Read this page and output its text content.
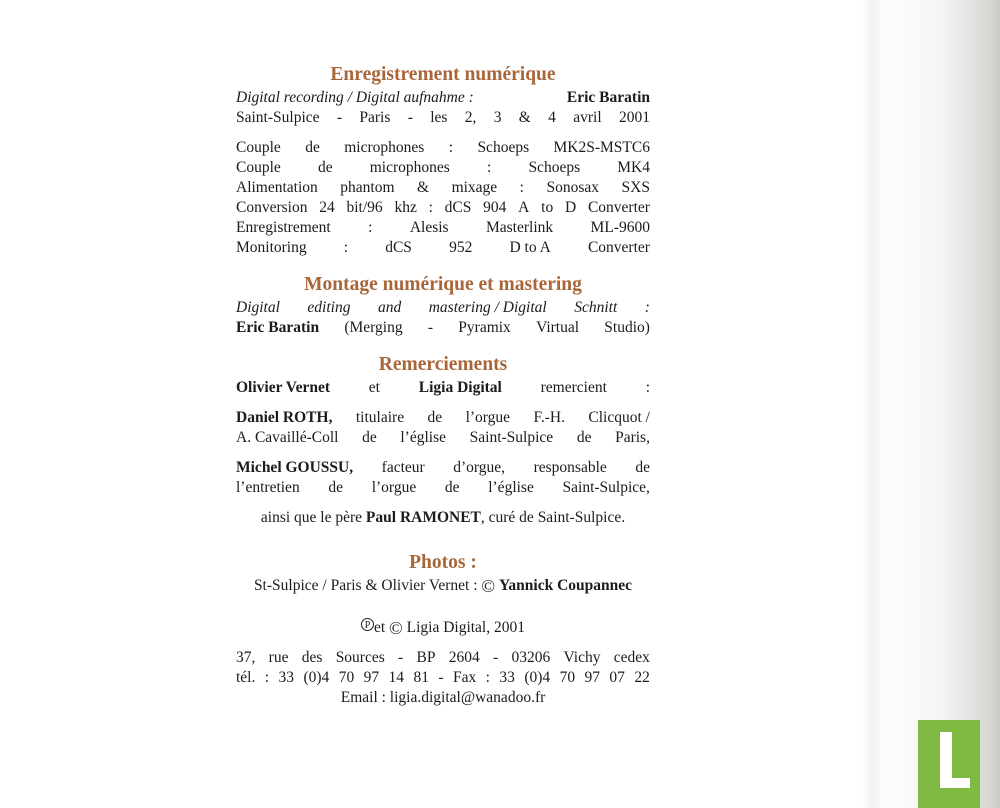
Enregistrement numérique
Digital recording / Digital aufnahme :	Eric Baratin
Saint-Sulpice - Paris - les 2, 3 & 4 avril 2001
Couple de microphones : Schoeps MK2S-MSTC6
Couple de microphones : Schoeps MK4
Alimentation phantom & mixage : Sonosax SXS
Conversion 24 bit/96 khz : dCS 904 A to D Converter
Enregistrement : Alesis Masterlink ML-9600
Monitoring : dCS 952 D to A Converter
Montage numérique et mastering
Digital editing and mastering / Digital Schnitt :
Eric Baratin (Merging - Pyramix Virtual Studio)
Remerciements
Olivier Vernet	et	Ligia Digital	remercient	:
Daniel ROTH, titulaire de l’orgue F.-H. Clicquot /
A. Cavaillé-Coll de l’église Saint-Sulpice de Paris,
Michel GOUSSU, facteur d’orgue, responsable de
l’entretien de l’orgue de l’église Saint-Sulpice,
ainsi que le père
Paul RAMONET , curé de Saint-Sulpice.
Photos :
St-Sulpice / Paris & Olivier Vernet :
©
Yannick Coupannec
P et
©
Ligia Digital, 2001
37, rue des Sources - BP 2604 - 03206 Vichy cedex
tél. : 33 (0)4 70 97 14 81 - Fax : 33 (0)4 70 97 07 22
Email : ligia.digital@wanadoo.fr
